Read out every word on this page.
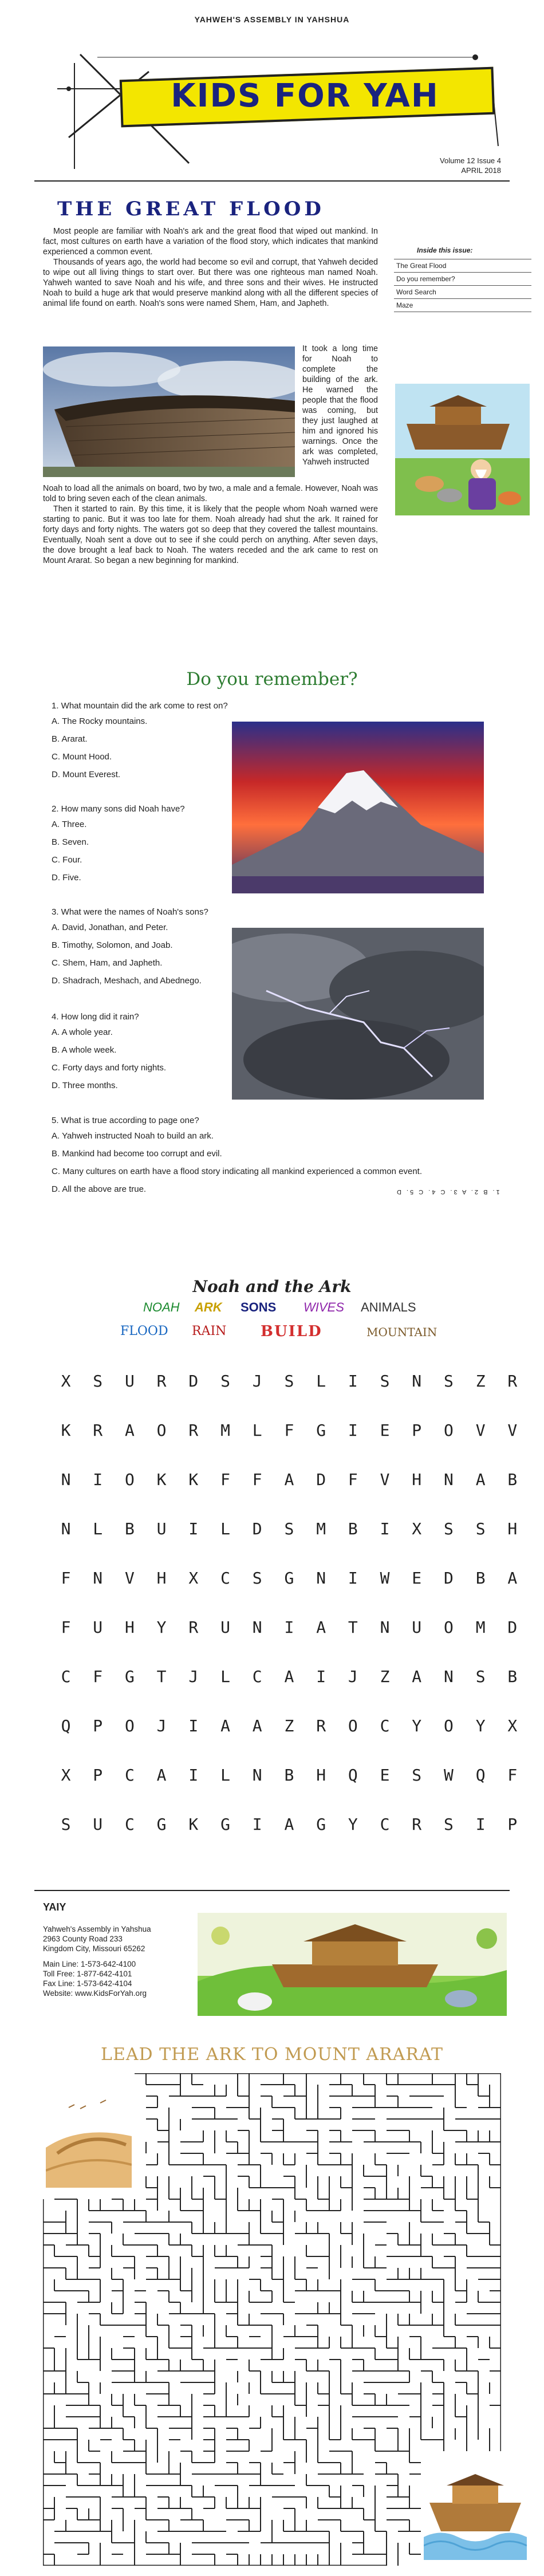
YAHWEH'S ASSEMBLY IN YAHSHUA
KIDS FOR YAH
Volume 12 Issue 4
APRIL 2018
THE GREAT FLOOD
Most people are familiar with Noah's ark and the great flood that wiped out mankind. In fact, most cultures on earth have a variation of the flood story, which indicates that mankind experienced a common event.
Thousands of years ago, the world had become so evil and corrupt, that Yahweh decided to wipe out all living things to start over. But there was one righteous man named Noah. Yahweh wanted to save Noah and his wife, and three sons and their wives. He instructed Noah to build a huge ark that would preserve mankind along with all the different species of animal life found on earth. Noah's sons were named Shem, Ham, and Japheth.
It took a long time for Noah to complete the building of the ark. He warned the people that the flood was coming, but they just laughed at him and ignored his warnings. Once the ark was completed, Yahweh instructed
Noah to load all the animals on board, two by two, a male and a female. However, Noah was told to bring seven each of the clean animals.
Then it started to rain. By this time, it is likely that the people whom Noah warned were starting to panic. But it was too late for them. Noah already had shut the ark. It rained for forty days and forty nights. The waters got so deep that they covered the tallest mountains. Eventually, Noah sent a dove out to see if she could perch on anything. After seven days, the dove brought a leaf back to Noah. The waters receded and the ark came to rest on Mount Ararat. So began a new beginning for mankind.
Inside this issue:
The Great Flood
Do you remember?
Word Search
Maze
Do you remember?
1. What mountain did the ark come to rest on?
A. The Rocky mountains.
B. Ararat.
C. Mount Hood.
D. Mount Everest.
2. How many sons did Noah have?
A. Three.
B. Seven.
C. Four.
D. Five.
3. What were the names of Noah's sons?
A. David, Jonathan, and Peter.
B. Timothy, Solomon, and Joab.
C. Shem, Ham, and Japheth.
D. Shadrach, Meshach, and Abednego.
4. How long did it rain?
A. A whole year.
B. A whole week.
C. Forty days and forty nights.
D. Three months.
5. What is true according to page one?
A. Yahweh instructed Noah to build an ark.
B. Mankind had become too corrupt and evil.
C. Many cultures on earth have a flood story indicating all mankind experienced a common event.
D. All the above are true.	1. B 2. A 3. C 4. C 5. D
Noah and the Ark
NOAH ARK SONS WIVES ANIMALS
FLOOD RAIN BUILD	MOUNTAIN
X	S	U	R	D	S	J	S	L	I	S	N	S	Z	R
K	R	A	O	R	M	L	F	G	I	E	P	O	V	V
N	I	O	K	K	F	F	A	D	F	V	H	N	A	B
N	L	B	U	I	L	D	S	M	B	I	X	S	S	H
F	N	V	H	X	C	S	G	N	I	W	E	D	B	A
F	U	H	Y	R	U	N	I	A	T	N	U	O	M	D
C	F	G	T	J	L	C	A	I	J	Z	A	N	S	B
Q	P	O	J	I	A	A	Z	R	O	C	Y	O	Y	X
X	P	C	A	I	L	N	B	H	Q	E	S	W	Q	F
S	U	C	G	K	G	I	A	G	Y	C	R	S	I	P
YAIY
Yahweh's Assembly in Yahshua
2963 County Road 233
Kingdom City, Missouri 65262
Main Line: 1-573-642-4100
Toll Free: 1-877-642-4101
Fax Line: 1-573-642-4104
Website: www.KidsForYah.org
LEAD THE ARK TO MOUNT ARARAT
